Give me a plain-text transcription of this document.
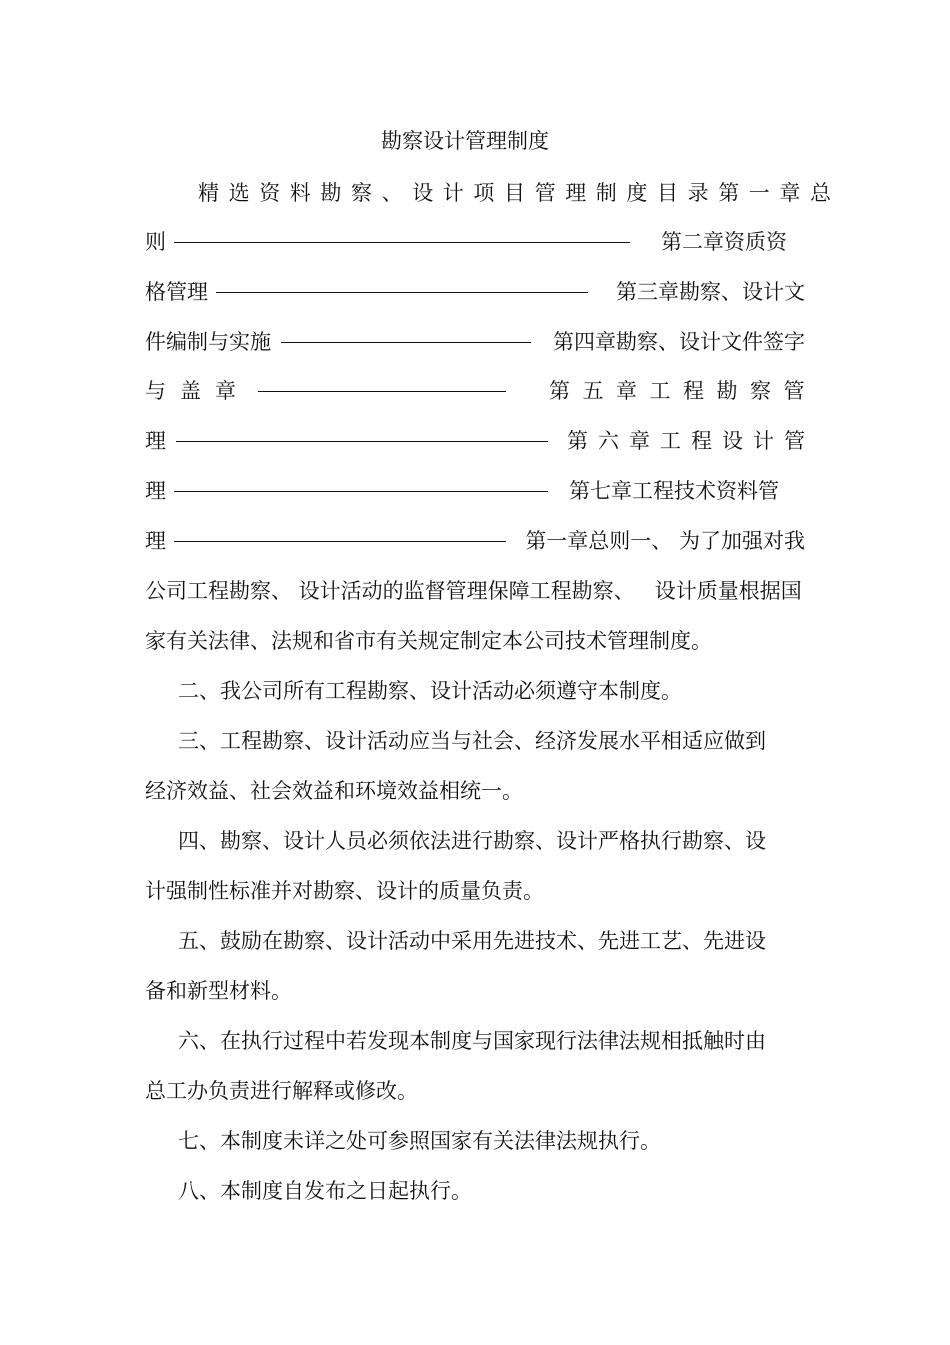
勘察设计管理制度
精选资料勘察、设计项目管理制度目录第一章总
则	第二章资质资
格管理	第三章勘察、设计文
件编制与实施	第四章勘察、设计文件签字
与盖章	第五章工程勘察管
理	第六章工程设计管
理	第七章工程技术资料管
理	第一章总则一、 为了加强对我
公司工程勘察、 设计活动的监督管理保障工程勘察、   设计质量根据国
家有关法律、法规和省市有关规定制定本公司技术管理制度。
二、我公司所有工程勘察、设计活动必须遵守本制度。
三、工程勘察、设计活动应当与社会、经济发展水平相适应做到
经济效益、社会效益和环境效益相统一。
四、勘察、设计人员必须依法进行勘察、设计严格执行勘察、设
计强制性标准并对勘察、设计的质量负责。
五、鼓励在勘察、设计活动中采用先进技术、先进工艺、先进设
备和新型材料。
六、在执行过程中若发现本制度与国家现行法律法规相抵触时由
总工办负责进行解释或修改。
七、本制度未详之处可参照国家有关法律法规执行。
八、本制度自发布之日起执行。
